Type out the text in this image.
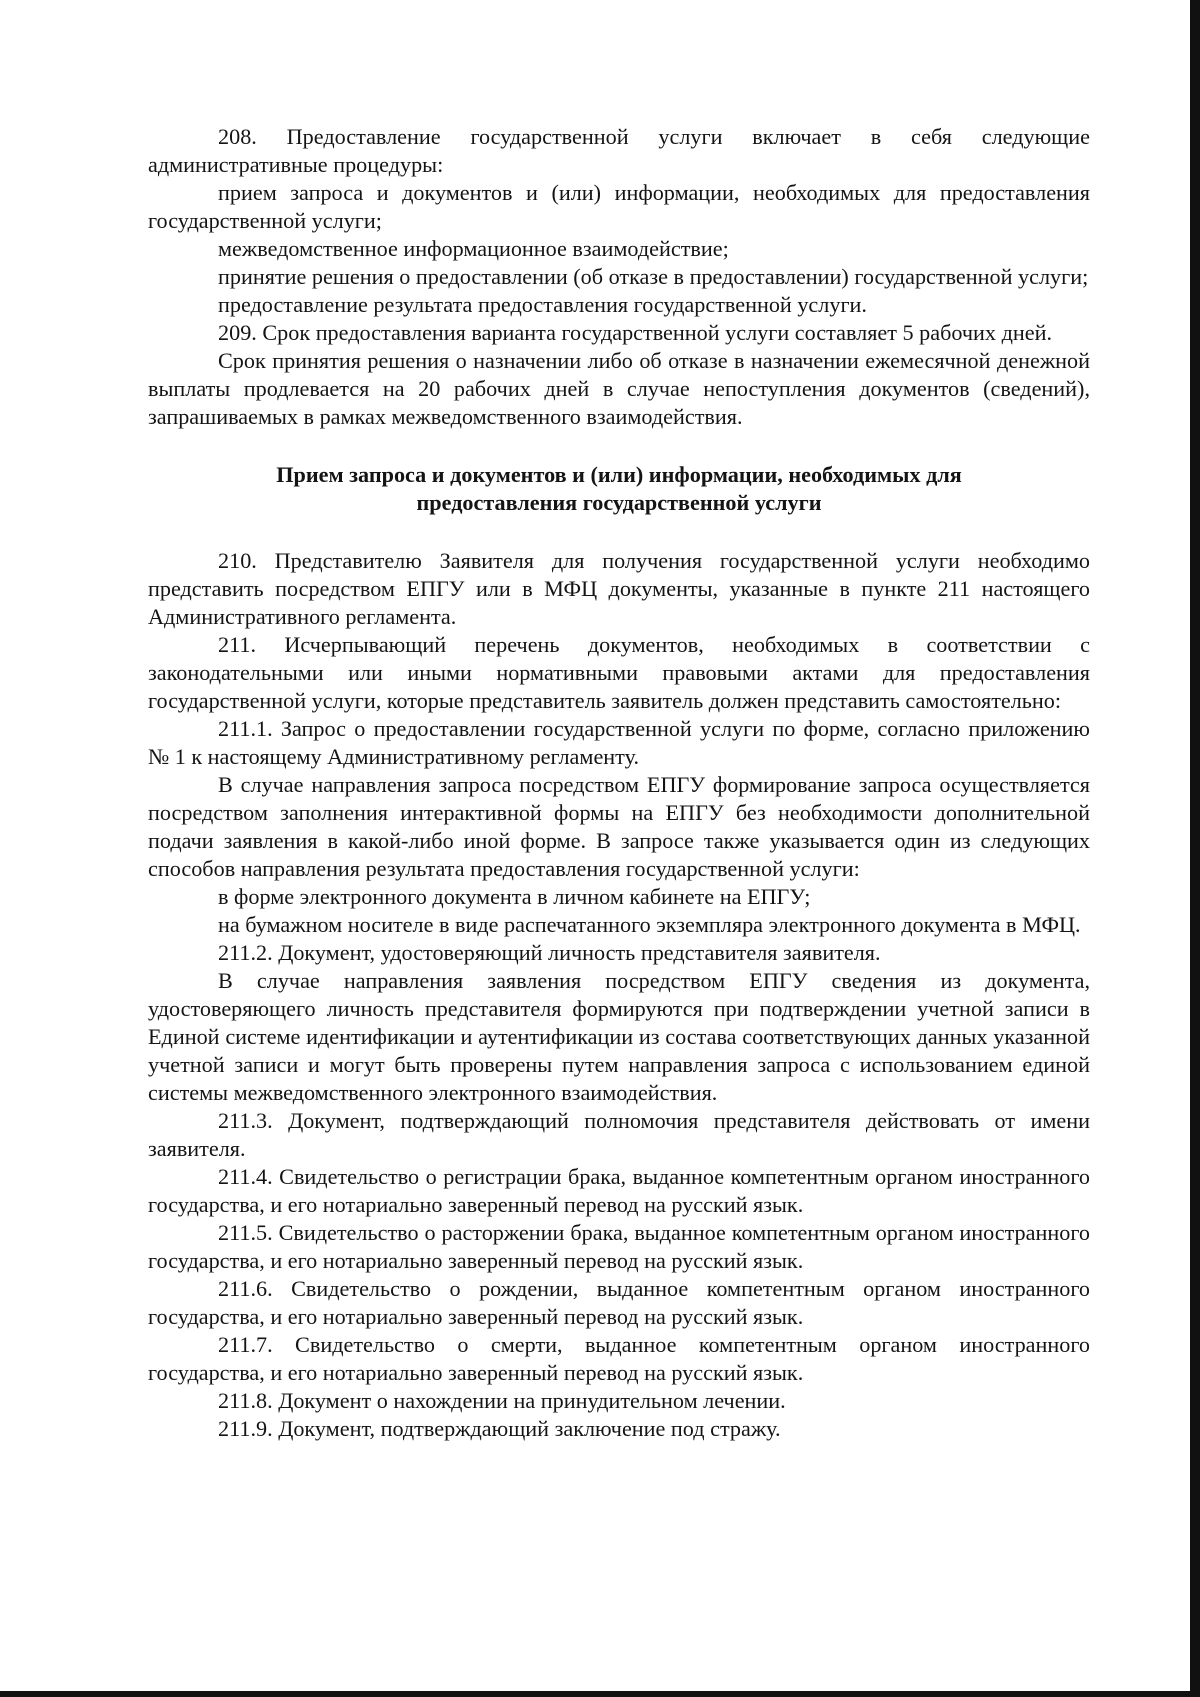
208. Предоставление государственной услуги включает в себя следующие административные процедуры:

прием запроса и документов и (или) информации, необходимых для предоставления государственной услуги;

межведомственное информационное взаимодействие;

принятие решения о предоставлении (об отказе в предоставлении) государственной услуги;

предоставление результата предоставления государственной услуги.

209. Срок предоставления варианта государственной услуги составляет 5 рабочих дней.

Срок принятия решения о назначении либо об отказе в назначении ежемесячной денежной выплаты продлевается на 20 рабочих дней в случае непоступления документов (сведений), запрашиваемых в рамках межведомственного взаимодействия.

Прием запроса и документов и (или) информации, необходимых для
предоставления государственной услуги

210. Представителю Заявителя для получения государственной услуги необходимо представить посредством ЕПГУ или в МФЦ документы, указанные в пункте 211 настоящего Административного регламента.

211. Исчерпывающий перечень документов, необходимых в соответствии с законодательными или иными нормативными правовыми актами для предоставления государственной услуги, которые представитель заявитель должен представить самостоятельно:

211.1. Запрос о предоставлении государственной услуги по форме, согласно приложению № 1 к настоящему Административному регламенту.

В случае направления запроса посредством ЕПГУ формирование запроса осуществляется посредством заполнения интерактивной формы на ЕПГУ без необходимости дополнительной подачи заявления в какой-либо иной форме. В запросе также указывается один из следующих способов направления результата предоставления государственной услуги:

в форме электронного документа в личном кабинете на ЕПГУ;

на бумажном носителе в виде распечатанного экземпляра электронного документа в МФЦ.

211.2. Документ, удостоверяющий личность представителя заявителя.

В случае направления заявления посредством ЕПГУ сведения из документа, удостоверяющего личность представителя формируются при подтверждении учетной записи в Единой системе идентификации и аутентификации из состава соответствующих данных указанной учетной записи и могут быть проверены путем направления запроса с использованием единой системы межведомственного электронного взаимодействия.

211.3. Документ, подтверждающий полномочия представителя действовать от имени заявителя.

211.4. Свидетельство о регистрации брака, выданное компетентным органом иностранного государства, и его нотариально заверенный перевод на русский язык.

211.5. Свидетельство о расторжении брака, выданное компетентным органом иностранного государства, и его нотариально заверенный перевод на русский язык.

211.6. Свидетельство о рождении, выданное компетентным органом иностранного государства, и его нотариально заверенный перевод на русский язык.

211.7. Свидетельство о смерти, выданное компетентным органом иностранного государства, и его нотариально заверенный перевод на русский язык.

211.8. Документ о нахождении на принудительном лечении.

211.9. Документ, подтверждающий заключение под стражу.
